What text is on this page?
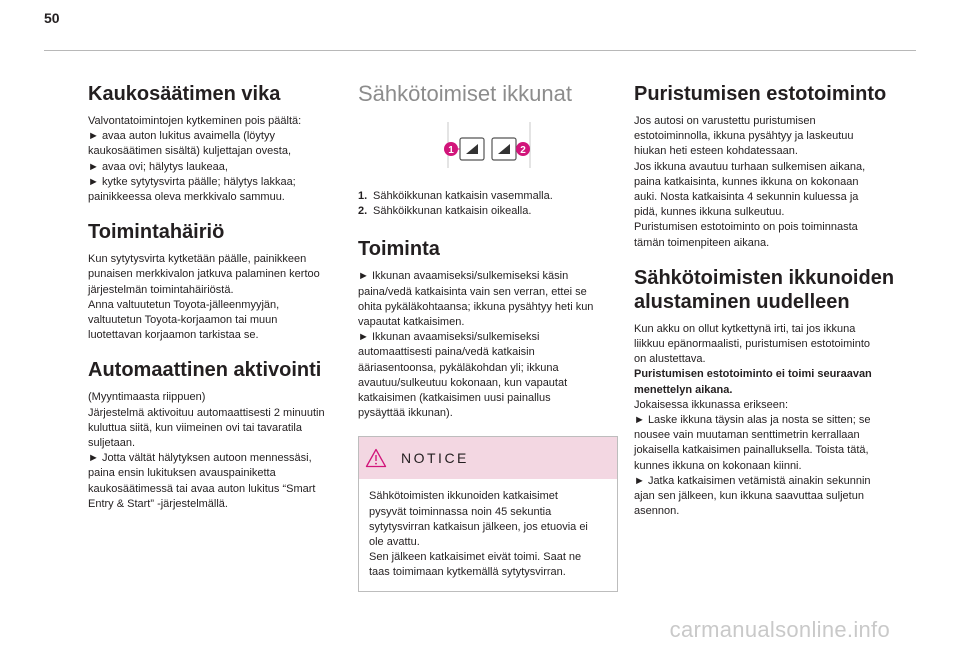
50
Kaukosäätimen vika
Valvontatoimintojen kytkeminen pois päältä:
► avaa auton lukitus avaimella (löytyy
kaukosäätimen sisältä) kuljettajan ovesta,
► avaa ovi; hälytys laukeaa,
► kytke sytytysvirta päälle; hälytys lakkaa;
painikkeessa oleva merkkivalo sammuu.
Toimintahäiriö
Kun sytytysvirta kytketään päälle, painikkeen
punaisen merkkivalon jatkuva palaminen kertoo
järjestelmän toimintahäiriöstä.
Anna valtuutetun Toyota-jälleenmyyjän,
valtuutetun Toyota-korjaamon tai muun
luotettavan korjaamon tarkistaa se.
Automaattinen aktivointi
(Myyntimaasta riippuen)
Järjestelmä aktivoituu automaattisesti 2 minuutin
kuluttua siitä, kun viimeinen ovi tai tavaratila
suljetaan.
► Jotta vältät hälytyksen autoon mennessäsi,
paina ensin lukituksen avauspainiketta
kaukosäätimessä tai avaa auton lukitus “Smart
Entry & Start” -järjestelmällä.
Sähkötoimiset ikkunat
1	2
1. Sähköikkunan katkaisin vasemmalla.
2. Sähköikkunan katkaisin oikealla.
Toiminta
► Ikkunan avaamiseksi/sulkemiseksi käsin
paina/vedä katkaisinta vain sen verran, ettei se
ohita pykäläkohtaansa; ikkuna pysähtyy heti kun
vapautat katkaisimen.
► Ikkunan avaamiseksi/sulkemiseksi
automaattisesti paina/vedä katkaisin
ääriasentoonsa, pykäläkohdan yli; ikkuna
avautuu/sulkeutuu kokonaan, kun vapautat
katkaisimen (katkaisimen uusi painallus
pysäyttää ikkunan).
NOTICE
Sähkötoimisten ikkunoiden katkaisimet
pysyvät toiminnassa noin 45 sekuntia
sytytysvirran katkaisun jälkeen, jos etuovia ei
ole avattu.
Sen jälkeen katkaisimet eivät toimi. Saat ne
taas toimimaan kytkemällä sytytysvirran.
Puristumisen estotoiminto
Jos autosi on varustettu puristumisen
estotoiminnolla, ikkuna pysähtyy ja laskeutuu
hiukan heti esteen kohdatessaan.
Jos ikkuna avautuu turhaan sulkemisen aikana,
paina katkaisinta, kunnes ikkuna on kokonaan
auki. Nosta katkaisinta 4 sekunnin kuluessa ja
pidä, kunnes ikkuna sulkeutuu.
Puristumisen estotoiminto on pois toiminnasta
tämän toimenpiteen aikana.
Sähkötoimisten ikkunoiden
alustaminen uudelleen
Kun akku on ollut kytkettynä irti, tai jos ikkuna
liikkuu epänormaalisti, puristumisen estotoiminto
on alustettava.
Puristumisen estotoiminto ei toimi seuraavan
menettelyn aikana.
Jokaisessa ikkunassa erikseen:
► Laske ikkuna täysin alas ja nosta se sitten; se
nousee vain muutaman senttimetrin kerrallaan
jokaisella katkaisimen painalluksella. Toista tätä,
kunnes ikkuna on kokonaan kiinni.
► Jatka katkaisimen vetämistä ainakin sekunnin
ajan sen jälkeen, kun ikkuna saavuttaa suljetun
asennon.
carmanualsonline.info
